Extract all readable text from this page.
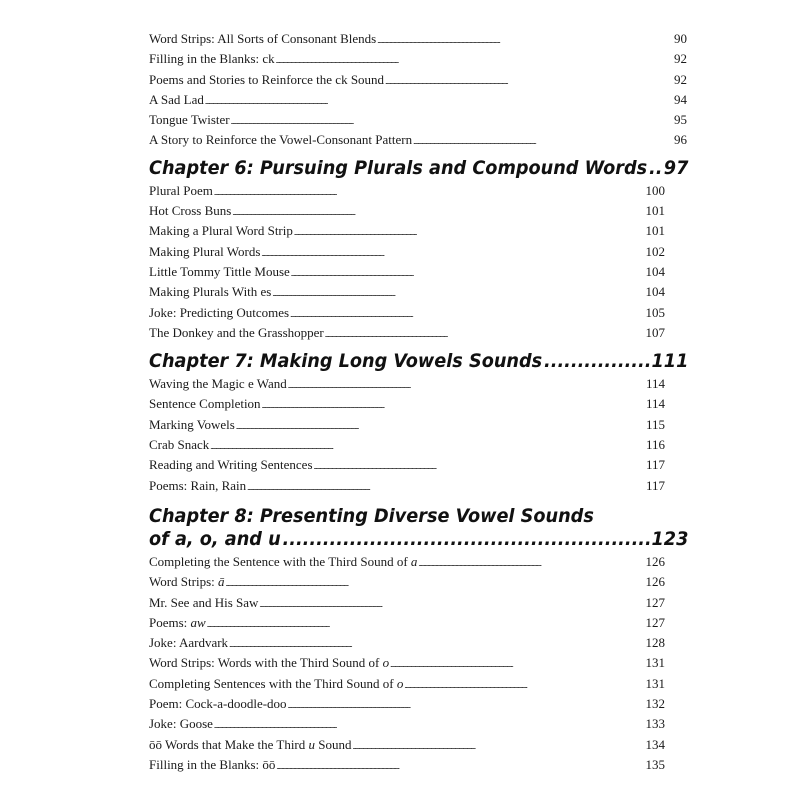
Word Strips: All Sorts of Consonant Blends . . .	90
Filling in the Blanks: ck . . .	92
Poems and Stories to Reinforce the ck Sound . . .	92
A Sad Lad . . .	94
Tongue Twister . . .	95
A Story to Reinforce the Vowel-Consonant Pattern . . .	96
Chapter 6: Pursuing Plurals and Compound Words ..... 97
Plural Poem . . .	100
Hot Cross Buns . . .	101
Making a Plural Word Strip . . .	101
Making Plural Words . . .	102
Little Tommy Tittle Mouse . . .	104
Making Plurals With es . . .	104
Joke: Predicting Outcomes . . .	105
The Donkey and the Grasshopper . . .	107
Chapter 7: Making Long Vowels Sounds .....	111
Waving the Magic e Wand . . .	114
Sentence Completion . . .	114
Marking Vowels . . .	115
Crab Snack . . .	116
Reading and Writing Sentences . . .	117
Poems: Rain, Rain . . .	117
Chapter 8: Presenting Diverse Vowel Sounds
of a, o, and u .....	123
Completing the Sentence with the Third Sound of a . . .	126
Word Strips: ā . . .	126
Mr. See and His Saw . . .	127
Poems: aw . . .	127
Joke: Aardvark . . .	128
Word Strips: Words with the Third Sound of o . . .	131
Completing Sentences with the Third Sound of o . . .	131
Poem: Cock-a-doodle-doo . . .	132
Joke: Goose . . .	133
ōō Words that Make the Third u Sound . . .	134
Filling in the Blanks: ōō . . .	135
